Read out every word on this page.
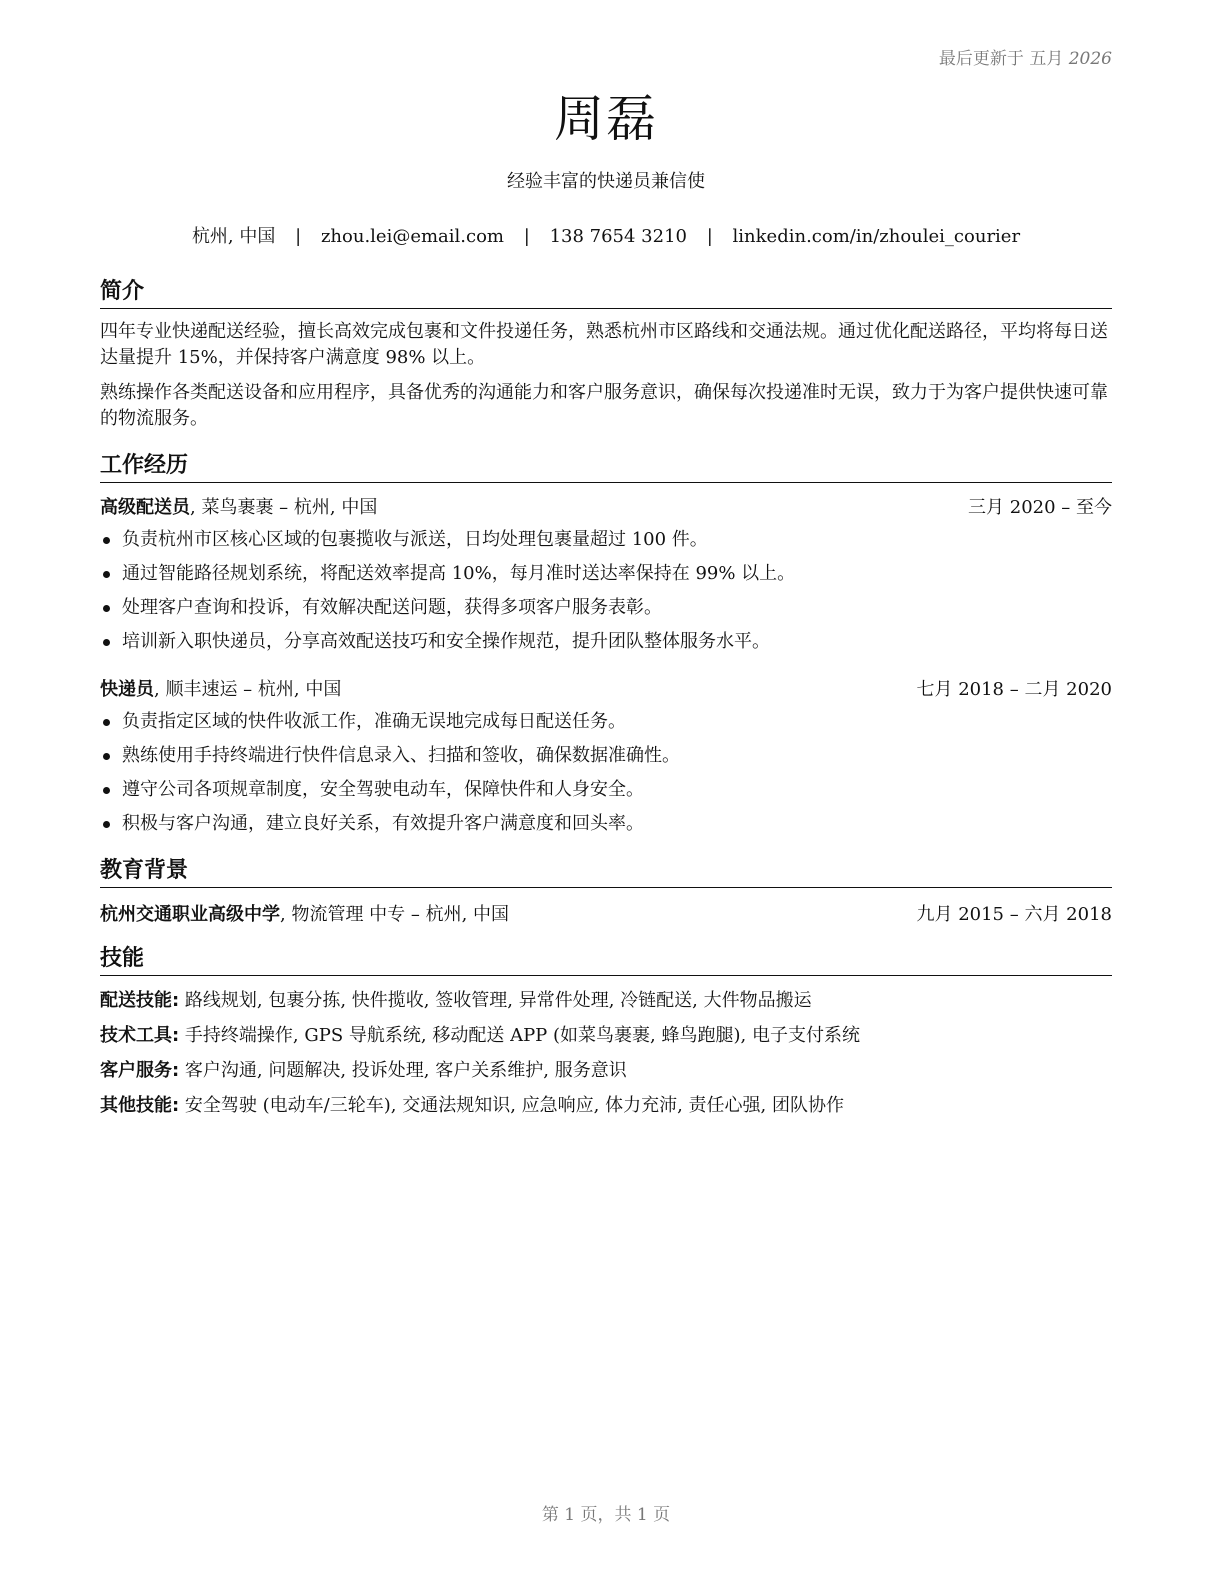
最后更新于 五月 2026
周磊
经验丰富的快递员兼信使
杭州, 中国 | zhou.lei@email.com | 138 7654 3210 | linkedin.com/in/zhoulei_courier
简介

四年专业快递配送经验，擅长高效完成包裹和文件投递任务，熟悉杭州市区路线和交通法规。通过优化配送路径，平均将每日送达量提升 15%，并保持客户满意度 98% 以上。

熟练操作各类配送设备和应用程序，具备优秀的沟通能力和客户服务意识，确保每次投递准时无误，致力于为客户提供快速可靠的物流服务。

工作经历
高级配送员, 菜鸟裹裹 – 杭州, 中国	三月 2020 – 至今
负责杭州市区核心区域的包裹揽收与派送，日均处理包裹量超过 100 件。
通过智能路径规划系统，将配送效率提高 10%，每月准时送达率保持在 99% 以上。
处理客户查询和投诉，有效解决配送问题，获得多项客户服务表彰。
培训新入职快递员，分享高效配送技巧和安全操作规范，提升团队整体服务水平。
快递员, 顺丰速运 – 杭州, 中国	七月 2018 – 二月 2020
负责指定区域的快件收派工作，准确无误地完成每日配送任务。
熟练使用手持终端进行快件信息录入、扫描和签收，确保数据准确性。
遵守公司各项规章制度，安全驾驶电动车，保障快件和人身安全。
积极与客户沟通，建立良好关系，有效提升客户满意度和回头率。
教育背景
杭州交通职业高级中学, 物流管理 中专 – 杭州, 中国	九月 2015 – 六月 2018
技能
配送技能: 路线规划, 包裹分拣, 快件揽收, 签收管理, 异常件处理, 冷链配送, 大件物品搬运
技术工具: 手持终端操作, GPS 导航系统, 移动配送 APP (如菜鸟裹裹, 蜂鸟跑腿), 电子支付系统
客户服务: 客户沟通, 问题解决, 投诉处理, 客户关系维护, 服务意识
其他技能: 安全驾驶 (电动车/三轮车), 交通法规知识, 应急响应, 体力充沛, 责任心强, 团队协作
第 1 页，共 1 页
